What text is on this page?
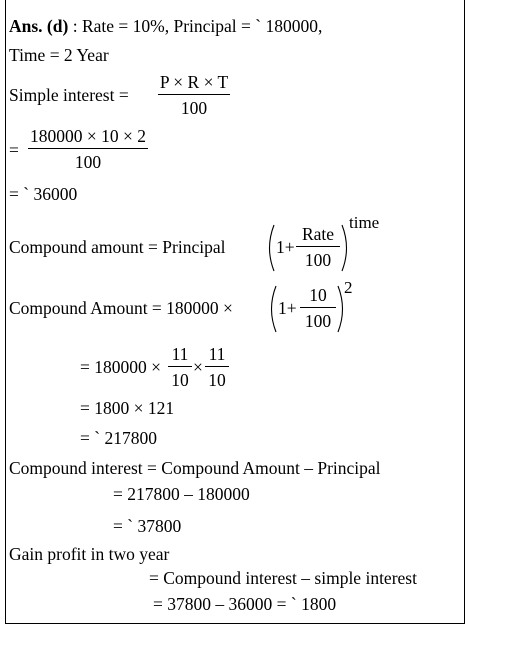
Ans. (d) : Rate = 10%, Principal = ` 180000,
Time = 2 Year
Simple interest =
P × R × T
100
=
180000 × 10 × 2
100
= ` 36000
Compound amount = Principal	1+
Rate
100
time
Compound Amount = 180000 ×	1+
10
100
2
= 180000 ×
11
10
×
11
10
= 1800 × 121
= ` 217800
Compound interest = Compound Amount – Principal
= 217800 – 180000
= ` 37800
Gain profit in two year
= Compound interest – simple interest
= 37800 – 36000 = ` 1800
